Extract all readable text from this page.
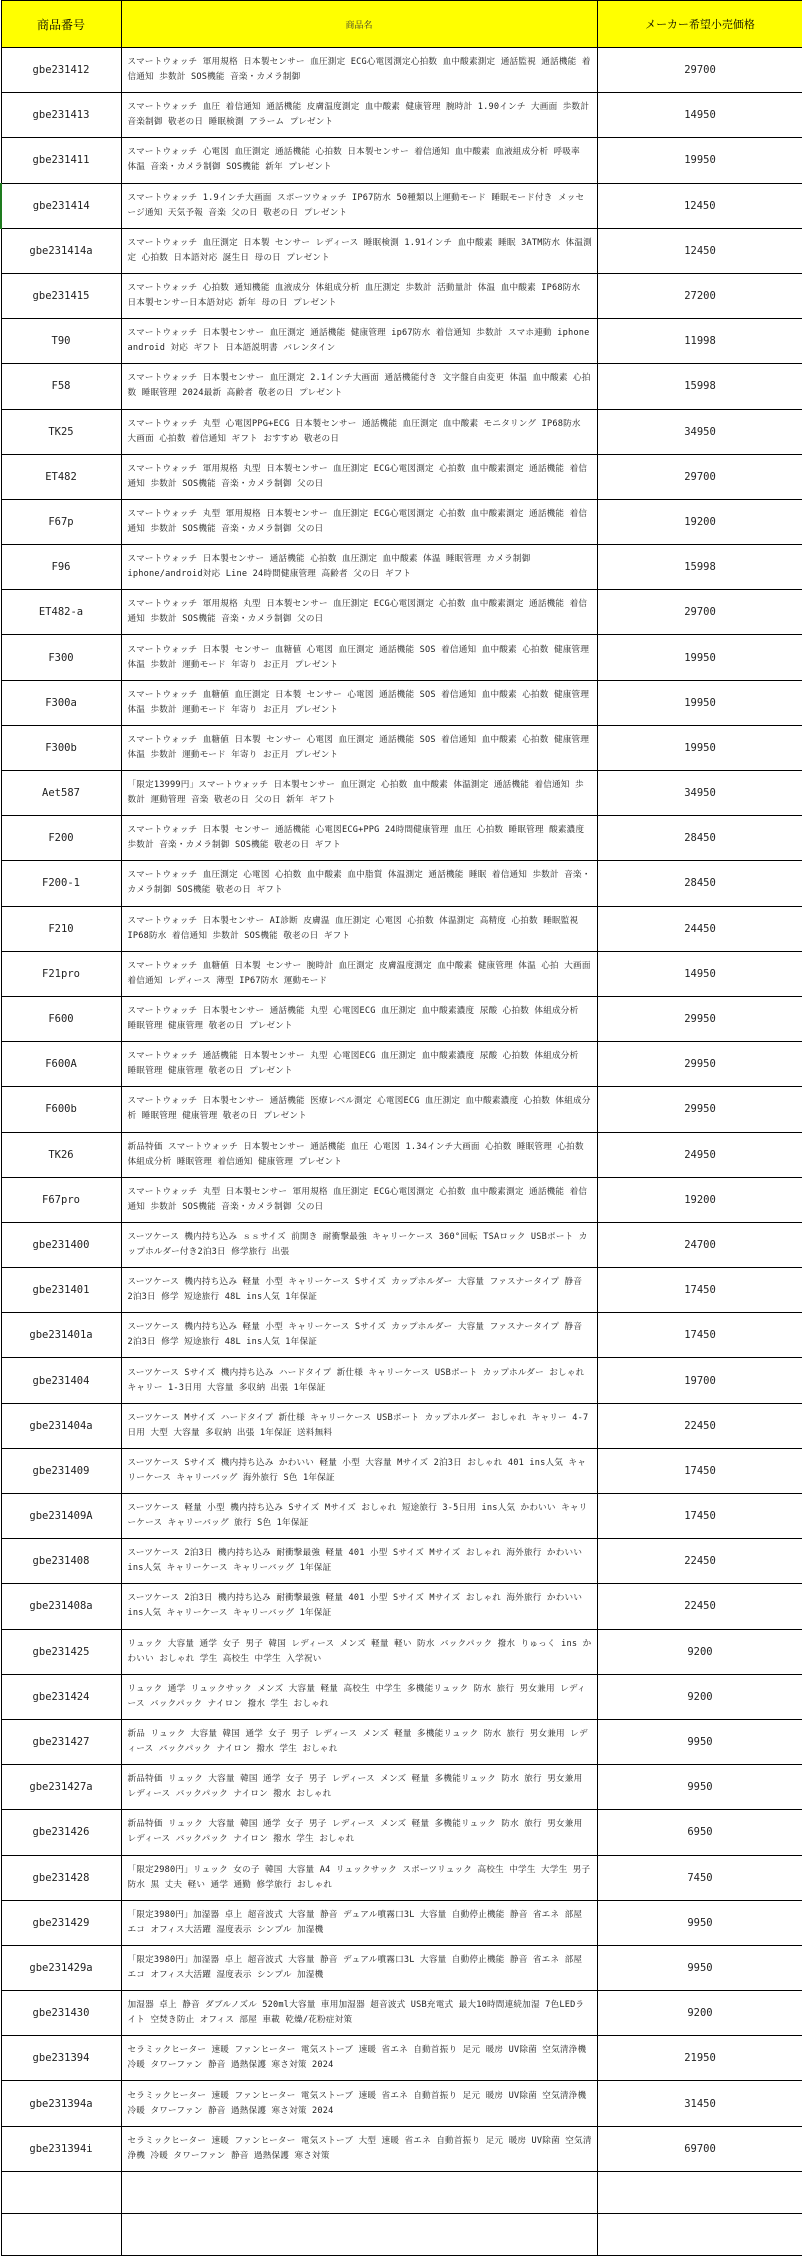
商品番号	商品名	メーカー希望小売価格
gbe231412	スマートウォッチ 軍用規格 日本製センサー 血圧測定 ECG心電図測定心拍数 血中酸素測定 通話監視 通話機能 着信通知 歩数計 SOS機能 音楽・カメラ制御	29700
gbe231413	スマートウォッチ 血圧 着信通知 通話機能 皮膚温度測定 血中酸素 健康管理 腕時計 1.90インチ 大画面 歩数計 音楽制御 敬老の日 睡眠検測 アラーム プレゼント	14950
gbe231411	スマートウォッチ 心電図 血圧測定 通話機能 心拍数 日本製センサー 着信通知 血中酸素 血液組成分析 呼吸率 体温 音楽・カメラ制御 SOS機能 新年 プレゼント	19950
gbe231414	スマートウォッチ 1.9インチ大画面 スポーツウォッチ IP67防水 50種類以上運動モード 睡眠モード付き メッセージ通知 天気予報 音楽 父の日 敬老の日 プレゼント	12450
gbe231414a	スマートウォッチ 血圧測定 日本製 センサー レディース 睡眠検測 1.91インチ 血中酸素 睡眠 3ATM防水 体温測定 心拍数 日本語対応 誕生日 母の日 プレゼント	12450
gbe231415	スマートウォッチ 心拍数 通知機能 血液成分 体組成分析 血圧測定 歩数計 活動量計 体温 血中酸素 IP68防水 日本製センサー日本語対応 新年 母の日 プレゼント	27200
T90	スマートウォッチ 日本製センサー 血圧測定 通話機能 健康管理 ip67防水 着信通知 歩数計 スマホ連動 iphone android 対応 ギフト 日本語説明書 バレンタイン	11998
F58	スマートウォッチ 日本製センサー 血圧測定 2.1インチ大画面 通話機能付き 文字盤自由変更 体温 血中酸素 心拍数 睡眠管理 2024最新 高齢者 敬老の日 プレゼント	15998
TK25	スマートウォッチ 丸型 心電図PPG+ECG 日本製センサー 通話機能 血圧測定 血中酸素 モニタリング IP68防水 大画面 心拍数 着信通知 ギフト おすすめ 敬老の日	34950
ET482	スマートウォッチ 軍用規格 丸型 日本製センサー 血圧測定 ECG心電図測定 心拍数 血中酸素測定 通話機能 着信通知 歩数計 SOS機能 音楽・カメラ制御 父の日	29700
F67p	スマートウォッチ 丸型 軍用規格 日本製センサー 血圧測定 ECG心電図測定 心拍数 血中酸素測定 通話機能 着信通知 歩数計 SOS機能 音楽・カメラ制御 父の日	19200
F96	スマートウォッチ 日本製センサー 通話機能 心拍数 血圧測定 血中酸素 体温 睡眠管理 カメラ制御 iphone/android対応 Line 24時間健康管理 高齢者 父の日 ギフト	15998
ET482-a	スマートウォッチ 軍用規格 丸型 日本製センサー 血圧測定 ECG心電図測定 心拍数 血中酸素測定 通話機能 着信通知 歩数計 SOS機能 音楽・カメラ制御 父の日	29700
F300	スマートウォッチ 日本製 センサー 血糖値 心電図 血圧測定 通話機能 SOS 着信通知 血中酸素 心拍数 健康管理 体温 歩数計 運動モード 年寄り お正月 プレゼント	19950
F300a	スマートウォッチ 血糖値 血圧測定 日本製 センサー 心電図 通話機能 SOS 着信通知 血中酸素 心拍数 健康管理 体温 歩数計 運動モード 年寄り お正月 プレゼント	19950
F300b	スマートウォッチ 血糖値 日本製 センサー 心電図 血圧測定 通話機能 SOS 着信通知 血中酸素 心拍数 健康管理 体温 歩数計 運動モード 年寄り お正月 プレゼント	19950
Aet587	「限定13999円」スマートウォッチ 日本製センサー 血圧測定 心拍数 血中酸素 体温測定 通話機能 着信通知 歩数計 運動管理 音楽 敬老の日 父の日 新年 ギフト	34950
F200	スマートウォッチ 日本製 センサー 通話機能 心電図ECG+PPG 24時間健康管理 血圧 心拍数 睡眠管理 酸素濃度 歩数計 音楽・カメラ制御 SOS機能 敬老の日 ギフト	28450
F200-1	スマートウォッチ 血圧測定 心電図 心拍数 血中酸素 血中脂質 体温測定 通話機能 睡眠 着信通知 歩数計 音楽・カメラ制御 SOS機能 敬老の日 ギフト	28450
F210	スマートウォッチ 日本製センサー AI診断 皮膚温 血圧測定 心電図 心拍数 体温測定 高精度 心拍数 睡眠監視 IP68防水 着信通知 歩数計 SOS機能 敬老の日 ギフト	24450
F21pro	スマートウォッチ 血糖値 日本製 センサー 腕時計 血圧測定 皮膚温度測定 血中酸素 健康管理 体温 心拍 大画面 着信通知 レディース 薄型 IP67防水 運動モード	14950
F600	スマートウォッチ 日本製センサー 通話機能 丸型 心電図ECG 血圧測定 血中酸素濃度 尿酸 心拍数 体組成分析 睡眠管理 健康管理 敬老の日 プレゼント	29950
F600A	スマートウォッチ 通話機能 日本製センサー 丸型 心電図ECG 血圧測定 血中酸素濃度 尿酸 心拍数 体組成分析 睡眠管理 健康管理 敬老の日 プレゼント	29950
F600b	スマートウォッチ 日本製センサー 通話機能 医療レベル測定 心電図ECG 血圧測定 血中酸素濃度 心拍数 体組成分析 睡眠管理 健康管理 敬老の日 プレゼント	29950
TK26	新品特価 スマートウォッチ 日本製センサー 通話機能 血圧 心電図 1.34インチ大画面 心拍数 睡眠管理 心拍数 体組成分析 睡眠管理 着信通知 健康管理 プレゼント	24950
F67pro	スマートウォッチ 丸型 日本製センサー 軍用規格 血圧測定 ECG心電図測定 心拍数 血中酸素測定 通話機能 着信通知 歩数計 SOS機能 音楽・カメラ制御 父の日	19200
gbe231400	スーツケース 機内持ち込み ｓｓサイズ 前開き 耐衝撃最強 キャリーケース 360°回転 TSAロック USBポート カップホルダー付き2泊3日 修学旅行 出張	24700
gbe231401	スーツケース 機内持ち込み 軽量 小型 キャリーケース Sサイズ カップホルダー 大容量 ファスナータイプ 静音 2泊3日 修学 短途旅行 48L ins人気 1年保証	17450
gbe231401a	スーツケース 機内持ち込み 軽量 小型 キャリーケース Sサイズ カップホルダー 大容量 ファスナータイプ 静音 2泊3日 修学 短途旅行 48L ins人気 1年保証	17450
gbe231404	スーツケース Sサイズ 機内持ち込み ハードタイプ 新仕様 キャリーケース USBポート カップホルダー おしゃれ キャリー 1-3日用 大容量 多収納 出張 1年保証	19700
gbe231404a	スーツケース Mサイズ ハードタイプ 新仕様 キャリーケース USBポート カップホルダー おしゃれ キャリー 4-7日用 大型 大容量 多収納 出張 1年保証 送料無料	22450
gbe231409	スーツケース Sサイズ 機内持ち込み かわいい 軽量 小型 大容量 Mサイズ 2泊3日 おしゃれ 401 ins人気 キャリーケース キャリーバッグ 海外旅行 S色 1年保証	17450
gbe231409A	スーツケース 軽量 小型 機内持ち込み Sサイズ Mサイズ おしゃれ 短途旅行 3-5日用 ins人気 かわいい キャリーケース キャリーバッグ 旅行 S色 1年保証	17450
gbe231408	スーツケース 2泊3日 機内持ち込み 耐衝撃最強 軽量 401 小型 Sサイズ Mサイズ おしゃれ 海外旅行 かわいい ins人気 キャリーケース キャリーバッグ 1年保証	22450
gbe231408a	スーツケース 2泊3日 機内持ち込み 耐衝撃最強 軽量 401 小型 Sサイズ Mサイズ おしゃれ 海外旅行 かわいい ins人気 キャリーケース キャリーバッグ 1年保証	22450
gbe231425	リュック 大容量 通学 女子 男子 韓国 レディース メンズ 軽量 軽い 防水 バックパック 撥水 りゅっく ins かわいい おしゃれ 学生 高校生 中学生 入学祝い	9200
gbe231424	リュック 通学 リュックサック メンズ 大容量 軽量 高校生 中学生 多機能リュック 防水 旅行 男女兼用 レディース バックパック ナイロン 撥水 学生 おしゃれ	9200
gbe231427	新品 リュック 大容量 韓国 通学 女子 男子 レディース メンズ 軽量 多機能リュック 防水 旅行 男女兼用 レディース バックパック ナイロン 撥水 学生 おしゃれ	9950
gbe231427a	新品特価 リュック 大容量 韓国 通学 女子 男子 レディース メンズ 軽量 多機能リュック 防水 旅行 男女兼用 レディース バックパック ナイロン 撥水 おしゃれ	9950
gbe231426	新品特価 リュック 大容量 韓国 通学 女子 男子 レディース メンズ 軽量 多機能リュック 防水 旅行 男女兼用 レディース バックパック ナイロン 撥水 学生 おしゃれ	6950
gbe231428	「限定2980円」リュック 女の子 韓国 大容量 A4 リュックサック スポーツリュック 高校生 中学生 大学生 男子 防水 黒 丈夫 軽い 通学 通勤 修学旅行 おしゃれ	7450
gbe231429	「限定3980円」加湿器 卓上 超音波式 大容量 静音 デュアル噴霧口3L 大容量 自動停止機能 静音 省エネ 部屋 エコ オフィス大活躍 湿度表示 シンプル 加湿機	9950
gbe231429a	「限定3980円」加湿器 卓上 超音波式 大容量 静音 デュアル噴霧口3L 大容量 自動停止機能 静音 省エネ 部屋 エコ オフィス大活躍 湿度表示 シンプル 加湿機	9950
gbe231430	加湿器 卓上 静音 ダブルノズル 520ml大容量 車用加湿器 超音波式 USB充電式 最大10時間連続加湿 7色LEDライト 空焚き防止 オフィス 部屋 車載 乾燥/花粉症対策	9200
gbe231394	セラミックヒーター 速暖 ファンヒーター 電気ストーブ 速暖 省エネ 自動首振り 足元 暖房 UV除菌 空気清浄機 冷暖 タワーファン 静音 過熱保護 寒さ対策 2024	21950
gbe231394a	セラミックヒーター 速暖 ファンヒーター 電気ストーブ 速暖 省エネ 自動首振り 足元 暖房 UV除菌 空気清浄機 冷暖 タワーファン 静音 過熱保護 寒さ対策 2024	31450
gbe231394i	セラミックヒーター 速暖 ファンヒーター 電気ストーブ 大型 速暖 省エネ 自動首振り 足元 暖房 UV除菌 空気清浄機 冷暖 タワーファン 静音 過熱保護 寒さ対策	69700
